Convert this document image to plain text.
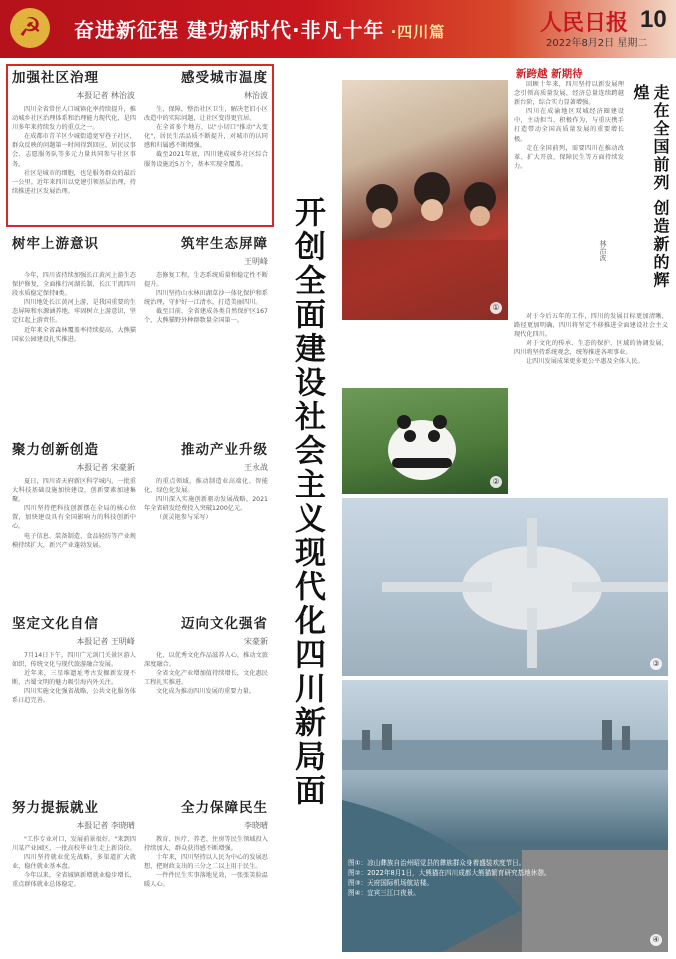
☭	奋进新征程 建功新时代·非凡十年 ·四川篇	人民日报 10
2022年8月2日 星期二
加强社区治理	感受城市温度
本报记者 林治波	林治波

四川全省常住人口城镇化率持续提升，推动城乡社区治理体系和治理能力现代化，是四川多年来持续发力的重点之一。

在成都市青羊区少城街道宽窄巷子社区，群众反映的问题第一时间得到回应，居民议事会、志愿服务队等多元力量共同参与社区事务。

社区是城市的细胞，也是服务群众的最后一公里。近年来四川以党建引领基层治理，持续推进社区发展治理。

生，保障，整治社区卫生，解决老旧小区改造中的实际问题，让社区变得更宜居。

在全省多个地方，以"小切口"推动"大变化"，居民生活品质不断提升，对城市的认同感和归属感不断增强。

截至2021年底，四川建成城乡社区综合服务设施近5万个，基本实现全覆盖。

树牢上游意识	筑牢生态屏障
王明峰

今年，四川省持续加强长江黄河上游生态保护修复，全面推行河湖长制，长江干流四川段水质稳定保持Ⅱ类。

四川地处长江黄河上游，是我国重要的生态屏障和水源涵养地。牢固树立上游意识，坚定扛起上游责任。

近年来全省森林覆盖率持续提高，大熊猫国家公园建设扎实推进。

态修复工程，生态系统质量和稳定性不断提升。

四川坚持山水林田湖草沙一体化保护和系统治理，守护好一江清水，打造美丽四川。

截至目前，全省建成各类自然保护区167个，大熊猫野外种群数量全国第一。

聚力创新创造	推动产业升级
本报记者 宋豪新	王永战

夏日，四川省天府新区科学城内，一批重大科技基础设施加快建设，创新要素加速集聚。

四川坚持把科技创新摆在全局的核心位置，加快建设具有全国影响力的科技创新中心。

电子信息、装备制造、食品轻纺等产业规模持续扩大，新兴产业蓬勃发展。

的重点领域，推动制造业高端化、智能化、绿色化发展。

四川深入实施创新驱动发展战略，2021年全省研发经费投入突破1200亿元。

（黄灵艳参与采写）

坚定文化自信	迈向文化强省
本报记者 王明峰	宋豪新

7月14日下午，四川广元剑门关景区游人如织，传统文化与现代旅游融合发展。

近年来，三星堆遗址考古发掘新发现不断，古蜀文明的魅力吸引海内外关注。

四川实施文化强省战略，公共文化服务体系日趋完善。

化，以优秀文化作品滋养人心，推动文旅深度融合。

全省文化产业增加值持续增长，文化惠民工程扎实推进。

文化成为推动四川发展的重要力量。

努力提振就业	全力保障民生
本报记者 李晓晴	李晓晴

"工作专业对口，发展前景很好。"来到四川某产业园区，一批高校毕业生走上新岗位。

四川坚持就业优先战略，多渠道扩大就业，稳住就业基本盘。

今年以来，全省城镇新增就业稳步增长，重点群体就业总体稳定。

教育、医疗、养老、住房等民生领域投入持续加大，群众获得感不断增强。

十年来，四川坚持以人民为中心的发展思想，把财政支出的三分之二以上用于民生。

一件件民生实事落地见效，一张张笑脸温暖人心。

开创全面建设社会主义现代化四川新局面	①
新跨越 新期待

回顾十年来，四川坚持以新发展理念引领高质量发展，经济总量连续跨越新台阶，综合实力显著增强。

四川在成渝地区双城经济圈建设中，主动担当、积极作为，与重庆携手打造带动全国高质量发展的重要增长极。

走在全国前列，需要四川在推动改革、扩大开放、保障民生等方面持续发力。	走在全国前列 创造新的辉煌
林治波

对于今后五年的工作，四川的发展目标更加清晰，路径更加明确，四川将坚定不移推进全面建设社会主义现代化四川。

对于文化的传承、生态的保护、区域的协调发展，四川将坚持系统观念，统筹推进各项事业。

让四川发展成果更多更公平惠及全体人民。

②
③
图①：凉山彝族自治州昭觉县的彝族群众身着盛装欢度节日。
图②：2022年8月1日，大熊猫在四川成都大熊猫繁育研究基地休憩。
图③：天府国际机场航站楼。
图④：宜宾三江口夜景。
④
